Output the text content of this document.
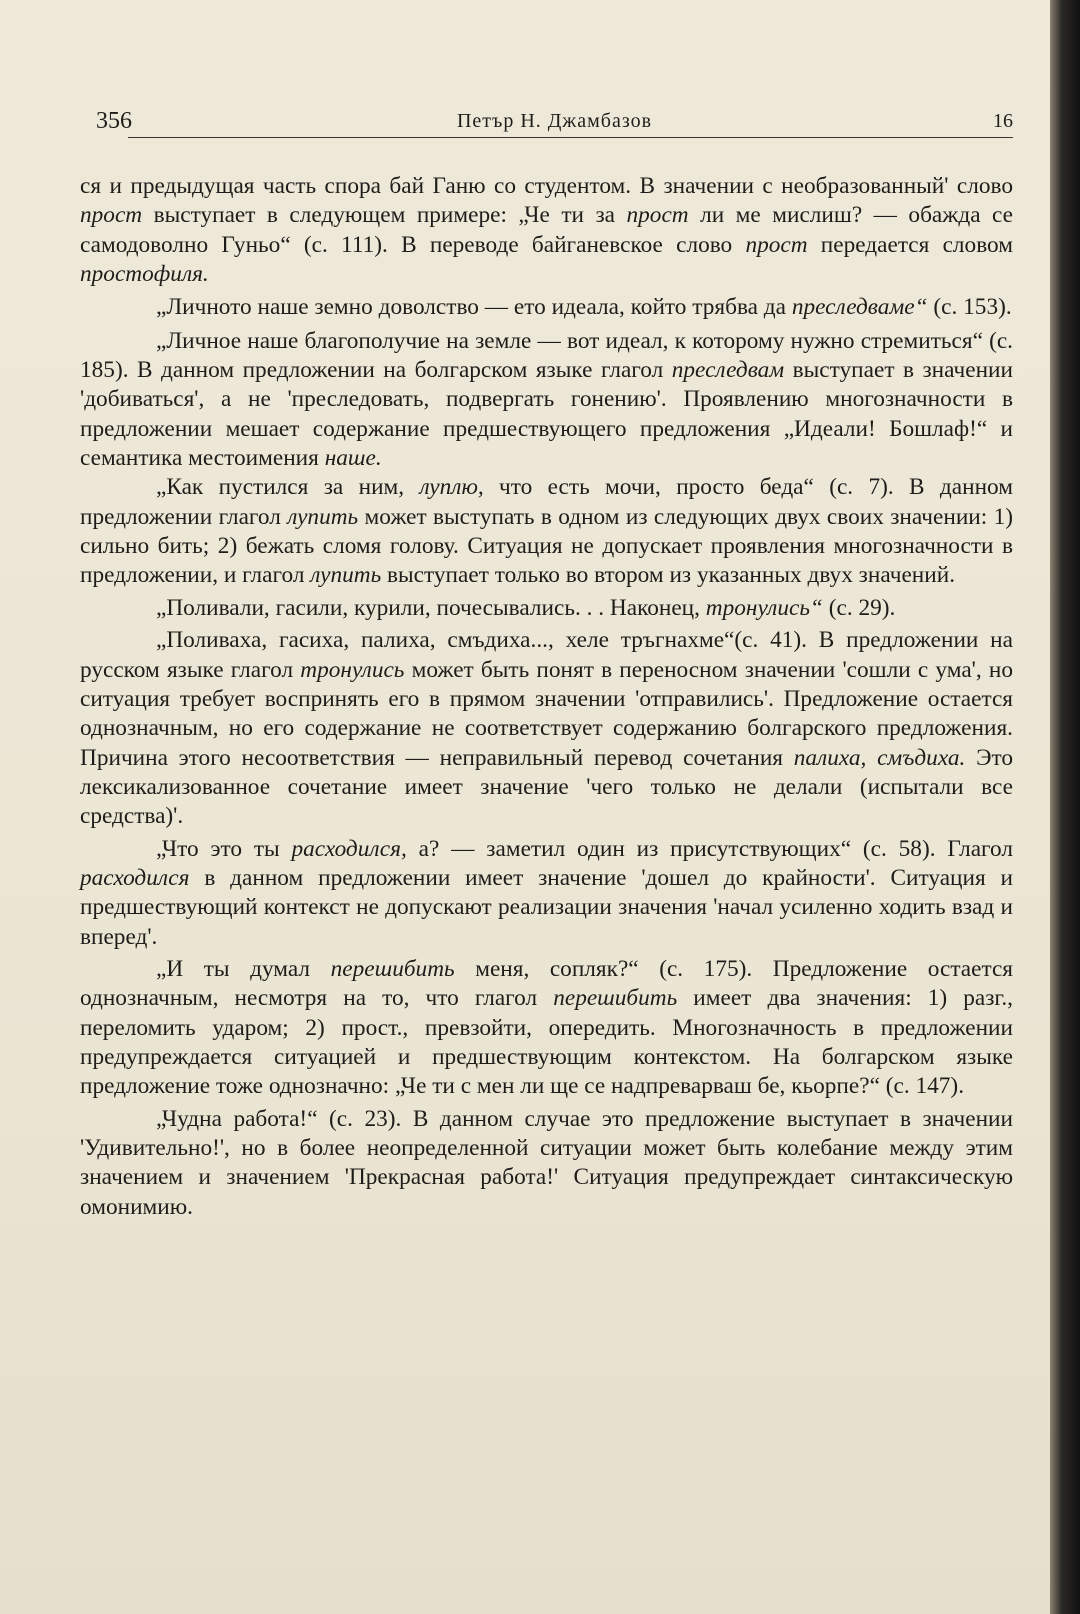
356	Петър Н. Джамбазов	16

ся и предыдущая часть спора бай Ганю со студентом. В значении с необразованный' слово прост выступает в следующем примере: „Че ти за прост ли ме мислиш? — обажда се самодоволно Гуньо“ (с. 111). В переводе байганевское слово прост передается словом простофиля.

„Личното наше земно доволство — ето идеала, който трябва да преследваме“ (с. 153).

„Личное наше благополучие на земле — вот идеал, к которому нужно стремиться“ (с. 185). В данном предложении на болгарском языке глагол преследвам выступает в значении 'добиваться', а не 'преследовать, подвергать гонению'. Проявлению многозначности в предложении мешает содержание предшествующего предложения „Идеали! Бошлаф!“ и семантика местоимения наше.

„Как пустился за ним, луплю, что есть мочи, просто беда“ (с. 7). В данном предложении глагол лупить может выступать в одном из следующих двух своих значении: 1) сильно бить; 2) бежать сломя голову. Ситуация не допускает проявления многозначности в предложении, и глагол лупить выступает только во втором из указанных двух значений.

„Поливали, гасили, курили, почесывались. . . Наконец, тронулись“ (с. 29).

„Поливаха, гасиха, палиха, смъдиха..., хеле тръгнахме“(с. 41). В предложении на русском языке глагол тронулись может быть понят в переносном значении 'сошли с ума', но ситуация требует воспринять его в прямом значении 'отправились'. Предложение остается однозначным, но его содержание не соответствует содержанию болгарского предложения. Причина этого несоответствия — неправильный перевод сочетания палиха, смъдиха. Это лексикализованное сочетание имеет значение 'чего только не делали (испытали все средства)'.

„Что это ты расходился, а? — заметил один из присутствующих“ (с. 58). Глагол расходился в данном предложении имеет значение 'дошел до крайности'. Ситуация и предшествующий контекст не допускают реализации значения 'начал усиленно ходить взад и вперед'.

„И ты думал перешибить меня, сопляк?“ (с. 175). Предложение остается однозначным, несмотря на то, что глагол перешибить имеет два значения: 1) разг., переломить ударом; 2) прост., превзойти, опередить. Многозначность в предложении предупреждается ситуацией и предшествующим контекстом. На болгарском языке предложение тоже однозначно: „Че ти с мен ли ще се надпреварваш бе, кьорпе?“ (с. 147).

„Чудна работа!“ (с. 23). В данном случае это предложение выступает в значении 'Удивительно!', но в более неопределенной ситуации может быть колебание между этим значением и значением 'Прекрасная работа!' Ситуация предупреждает синтаксическую омонимию.
